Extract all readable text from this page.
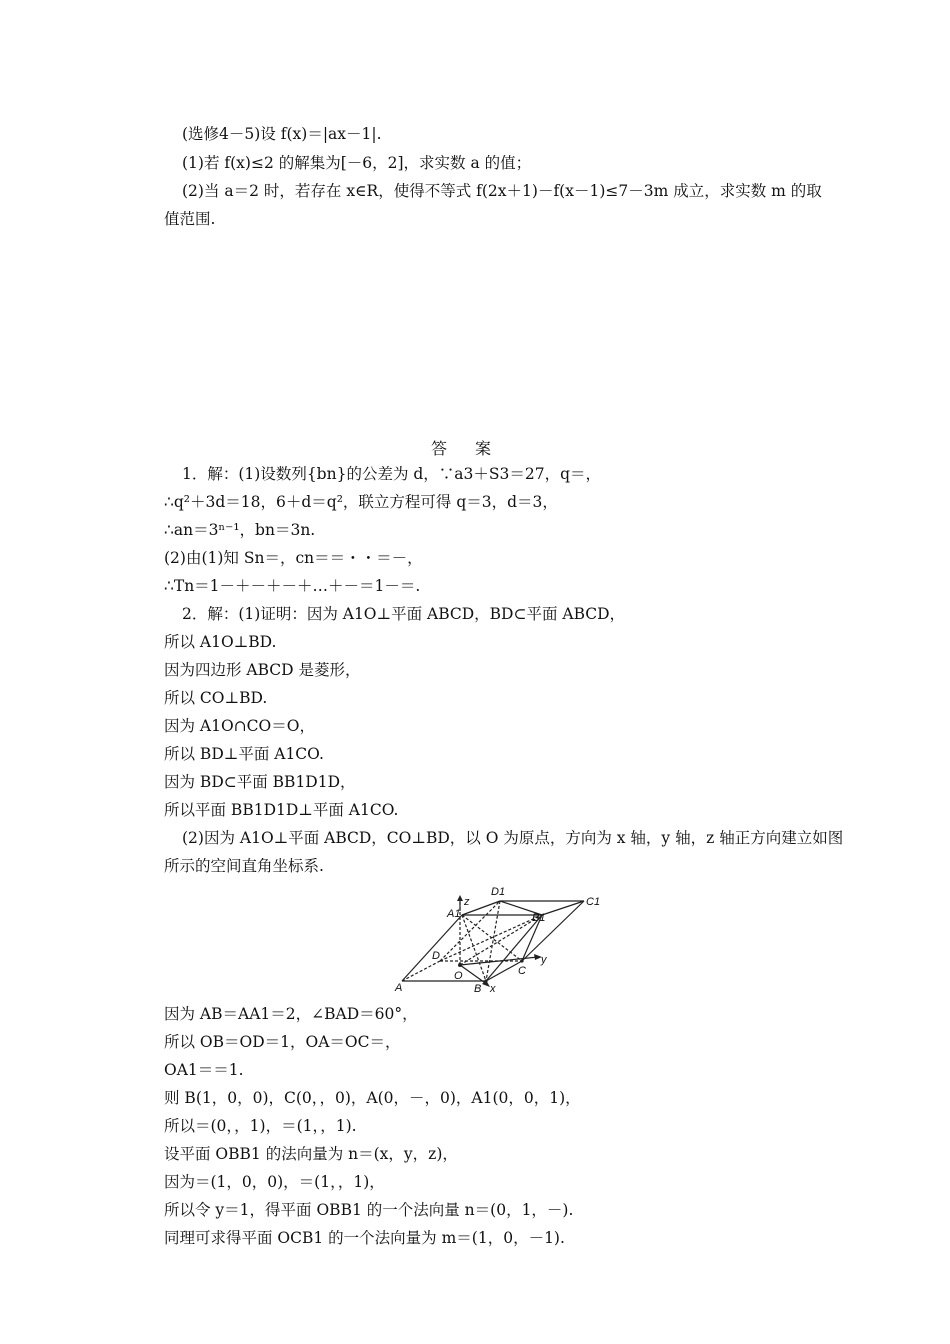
(选修4－5)设 f(x)＝|ax－1|.
(1)若 f(x)≤2 的解集为[－6，2]，求实数 a 的值；
(2)当 a＝2 时，若存在 x∈R，使得不等式 f(2x＋1)－f(x－1)≤7－3m 成立，求实数 m 的取
值范围.
答案
1．解：(1)设数列{bn}的公差为 d，∵a3＋S3＝27，q＝，
∴q²＋3d＝18，6＋d＝q²，联立方程可得 q＝3，d＝3，
∴an＝3ⁿ⁻¹，bn＝3n.
(2)由(1)知 Sn＝，cn＝＝・・＝－，
∴Tn＝1－＋－＋－＋…＋－＝1－＝.
2．解：(1)证明：因为 A1O⊥平面 ABCD，BD⊂平面 ABCD，
所以 A1O⊥BD.
因为四边形 ABCD 是菱形，
所以 CO⊥BD.
因为 A1O∩CO＝O，
所以 BD⊥平面 A1CO.
因为 BD⊂平面 BB1D1D，
所以平面 BB1D1D⊥平面 A1CO.
(2)因为 A1O⊥平面 ABCD，CO⊥BD，以 O 为原点，方向为 x 轴，y 轴，z 轴正方向建立如图
所示的空间直角坐标系.
D1
C1
A1	B1
z
D
C
y
O
A	B x
因为 AB＝AA1＝2，∠BAD＝60°，
所以 OB＝OD＝1，OA＝OC＝，
OA1＝＝1.
则 B(1，0，0)，C(0，，0)，A(0，－，0)，A1(0，0，1)，
所以＝(0，，1)，＝(1，，1).
设平面 OBB1 的法向量为 n＝(x，y，z)，
因为＝(1，0，0)，＝(1，，1)，
所以令 y＝1，得平面 OBB1 的一个法向量 n＝(0，1，－).
同理可求得平面 OCB1 的一个法向量为 m＝(1，0，－1).
